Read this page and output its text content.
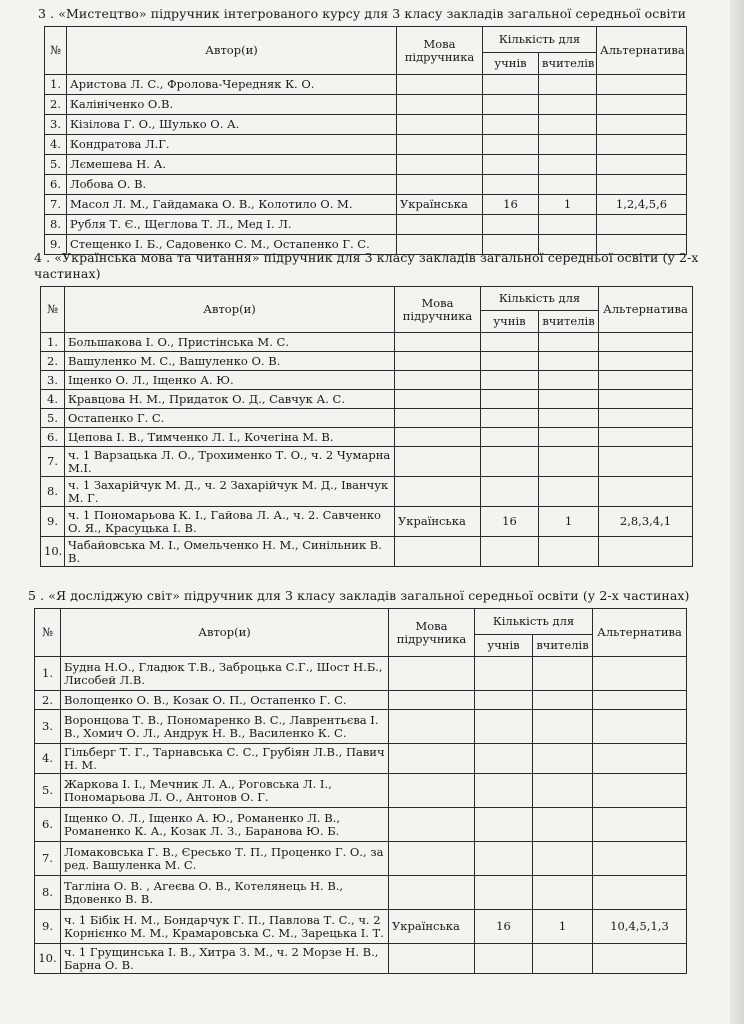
3 . «Мистецтво» підручник інтегрованого курсу для 3 класу закладів загальної середньої освіти
№	Автор(и)	Мова підручника	Кількість для		Альтернатива
			учнів	вчителів	
1.	Аристова Л. С., Фролова-Чередняк К. О.				
2.	Калініченко О.В.				
3.	Кізілова Г. О., Шулько О. А.				
4.	Кондратова Л.Г.				
5.	Лємешева Н. А.				
6.	Лобова О. В.				
7.	Масол Л. М., Гайдамака О. В., Колотило О. М.	Українська	16	1	1,2,4,5,6
8.	Рубля Т. Є., Щеглова Т. Л., Мед І. Л.				
9.	Стещенко І. Б., Садовенко С. М., Остапенко Г. С.				
4 . «Українська мова та читання» підручник для 3 класу закладів загальної середньої освіти (у 2-х частинах)
№	Автор(и)	Мова підручника	Кількість для		Альтернатива
			учнів	вчителів	
1.	Большакова І. О., Пристінська М. С.				
2.	Вашуленко М. С., Вашуленко О. В.				
3.	Іщенко О. Л., Іщенко А. Ю.				
4.	Кравцова Н. М., Придаток О. Д., Савчук А. С.				
5.	Остапенко Г. С.				
6.	Цепова І. В., Тимченко Л. І., Кочегіна М. В.				
7.	ч. 1 Варзацька Л. О., Трохименко Т. О., ч. 2 Чумарна М.І.				
8.	ч. 1 Захарійчук М. Д., ч. 2 Захарійчук М. Д., Іванчук М. Г.				
9.	ч. 1 Пономарьова К. І., Гайова Л. А., ч. 2. Савченко О. Я., Красуцька І. В.	Українська	16	1	2,8,3,4,1
10.	Чабайовська М. І., Омельченко Н. М., Синільник В. В.				
5 . «Я досліджую світ» підручник для 3 класу закладів загальної середньої освіти (у 2-х частинах)
№	Автор(и)	Мова підручника	Кількість для		Альтернатива
			учнів	вчителів	
1.	Будна Н.О., Гладюк Т.В., Заброцька С.Г., Шост Н.Б., Лисобей Л.В.				
2.	Волощенко О. В., Козак О. П., Остапенко Г. С.				
3.	Воронцова Т. В., Пономаренко В. С., Лаврентьєва І. В., Хомич О. Л., Андрук Н. В., Василенко К. С.				
4.	Гільберг Т. Г., Тарнавська С. С., Грубіян Л.В., Павич Н. М.				
5.	Жаркова І. І., Мечник Л. А., Роговська Л. І., Пономарьова Л. О., Антонов О. Г.				
6.	Іщенко О. Л., Іщенко А. Ю., Романенко Л. В., Романенко К. А., Козак Л. З., Баранова Ю. Б.				
7.	Ломаковська Г. В., Єресько Т. П., Проценко Г. О., за ред. Вашуленка М. С.				
8.	Тагліна О. В. , Агеєва О. В., Котелянець Н. В., Вдовенко В. В.				
9.	ч. 1 Бібік Н. М., Бондарчук Г. П., Павлова Т. С., ч. 2 Корнієнко М. М., Крамаровська С. М., Зарецька І. Т.	Українська	16	1	10,4,5,1,3
10.	ч. 1 Грущинська І. В., Хитра З. М., ч. 2 Морзе Н. В., Барна О. В.				
